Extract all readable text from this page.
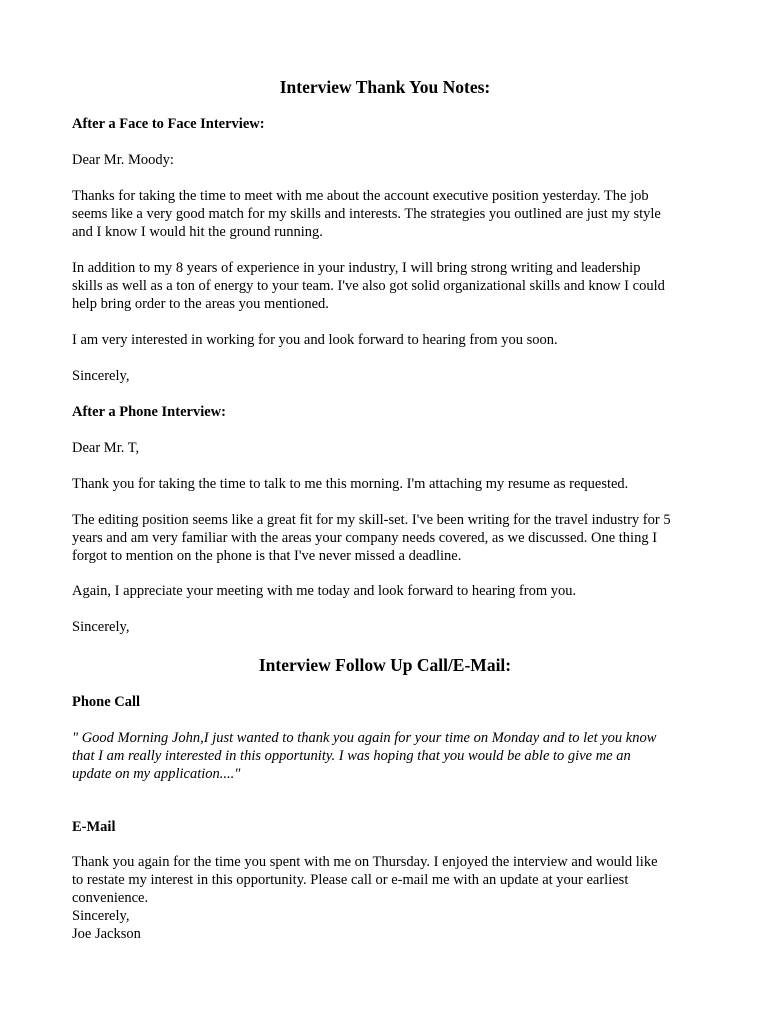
Interview Thank You Notes:

After a Face to Face Interview:

Dear Mr. Moody:

Thanks for taking the time to meet with me about the account executive position yesterday. The job

seems like a very good match for my skills and interests. The strategies you outlined are just my style

and I know I would hit the ground running.

In addition to my 8 years of experience in your industry, I will bring strong writing and leadership

skills as well as a ton of energy to your team. I've also got solid organizational skills and know I could

help bring order to the areas you mentioned.

I am very interested in working for you and look forward to hearing from you soon.

Sincerely,

After a Phone Interview:

Dear Mr. T,

Thank you for taking the time to talk to me this morning. I'm attaching my resume as requested.

The editing position seems like a great fit for my skill-set. I've been writing for the travel industry for 5

years and am very familiar with the areas your company needs covered, as we discussed. One thing I

forgot to mention on the phone is that I've never missed a deadline.

Again, I appreciate your meeting with me today and look forward to hearing from you.

Sincerely,

Interview Follow Up Call/E-Mail:

Phone Call

" Good Morning John,I just wanted to thank you again for your time on Monday and to let you know

that I am really interested in this opportunity. I was hoping that you would be able to give me an

update on my application...."

E-Mail

Thank you again for the time you spent with me on Thursday. I enjoyed the interview and would like

to restate my interest in this opportunity. Please call or e-mail me with an update at your earliest

convenience.

Sincerely,

Joe Jackson
